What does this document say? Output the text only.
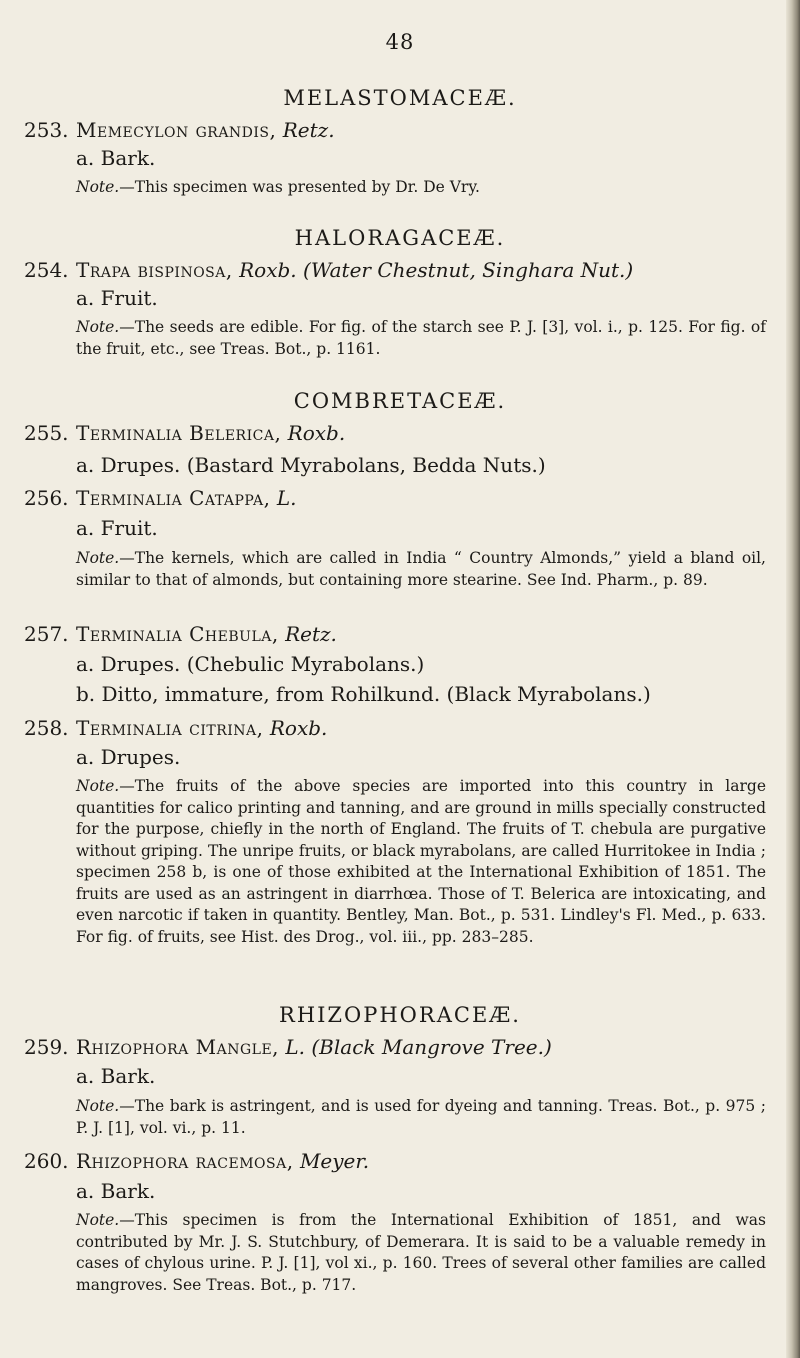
48
MELASTOMACEÆ.
253. Memecylon grandis, Retz.
a. Bark.
Note.—This specimen was presented by Dr. De Vry.
HALORAGACEÆ.
254. Trapa bispinosa, Roxb. (Water Chestnut, Singhara Nut.)
a. Fruit.
Note.—The seeds are edible. For fig. of the starch see P. J. [3], vol. i., p. 125. For fig. of the fruit, etc., see Treas. Bot., p. 1161.
COMBRETACEÆ.
255. Terminalia Belerica, Roxb.
a. Drupes. (Bastard Myrabolans, Bedda Nuts.)
256. Terminalia Catappa, L.
a. Fruit.
Note.—The kernels, which are called in India “ Country Almonds,” yield a bland oil, similar to that of almonds, but containing more stearine. See Ind. Pharm., p. 89.
257. Terminalia Chebula, Retz.
a. Drupes. (Chebulic Myrabolans.)
b. Ditto, immature, from Rohilkund. (Black Myrabolans.)
258. Terminalia citrina, Roxb.
a. Drupes.
Note.—The fruits of the above species are imported into this country in large quantities for calico printing and tanning, and are ground in mills specially constructed for the purpose, chiefly in the north of England. The fruits of T. chebula are purgative without griping. The unripe fruits, or black myrabolans, are called Hurritokee in India ; specimen 258 b, is one of those exhibited at the International Exhibition of 1851. The fruits are used as an astringent in diarrhœa. Those of T. Belerica are intoxicating, and even narcotic if taken in quantity. Bentley, Man. Bot., p. 531. Lindley's Fl. Med., p. 633. For fig. of fruits, see Hist. des Drog., vol. iii., pp. 283–285.
RHIZOPHORACEÆ.
259. Rhizophora Mangle, L. (Black Mangrove Tree.)
a. Bark.
Note.—The bark is astringent, and is used for dyeing and tanning. Treas. Bot., p. 975 ; P. J. [1], vol. vi., p. 11.
260. Rhizophora racemosa, Meyer.
a. Bark.
Note.—This specimen is from the International Exhibition of 1851, and was contributed by Mr. J. S. Stutchbury, of Demerara. It is said to be a valuable remedy in cases of chylous urine. P. J. [1], vol xi., p. 160. Trees of several other families are called mangroves. See Treas. Bot., p. 717.
